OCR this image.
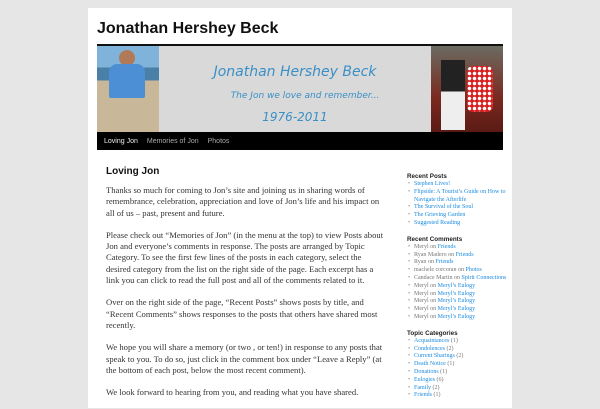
Jonathan Hershey Beck
Jonathan Hershey Beck
The Jon we love and remember...
1976-2011
Loving Jon Memories of Jon Photos
Loving Jon

Thanks so much for coming to Jon’s site and joining us in sharing words of remembrance, celebration, appreciation and love of Jon’s life and his impact on all of us – past, present and future.

Please check out “Memories of Jon” (in the menu at the top) to view Posts about Jon and everyone’s comments in response. The posts are arranged by Topic Category. To see the first few lines of the posts in each category, select the desired category from the list on the right side of the page. Each excerpt has a link you can click to read the full post and all of the comments related to it.

Over on the right side of the page, “Recent Posts” shows posts by title, and “Recent Comments” shows responses to the posts that others have shared most recently.

We hope you will share a memory (or two , or ten!) in response to any posts that speak to you. To do so, just click in the comment box under “Leave a Reply” (at the bottom of each post, below the most recent comment).

We look forward to hearing from you, and reading what you have shared.

Recent Posts
• Stephen Lives!
• Flipside: A Tourist’s Guide on How to Navigate the Afterlife
• The Survival of the Soul
• The Grieving Garden
• Suggested Reading
Recent Comments
• Meryl on Friends
• Ryan Madero on Friends
• Ryan on Friends
• machele corcoran on Photos
• Candace Martin on Spirit Connections
• Meryl on Meryl’s Eulogy
• Meryl on Meryl’s Eulogy
• Meryl on Meryl’s Eulogy
• Meryl on Meryl’s Eulogy
• Meryl on Meryl’s Eulogy
Topic Categories
• Acquaintances (1)
• Condolences (2)
• Current Sharings (2)
• Death Notice (1)
• Donations (1)
• Eulogies (6)
• Family (2)
• Friends (1)
